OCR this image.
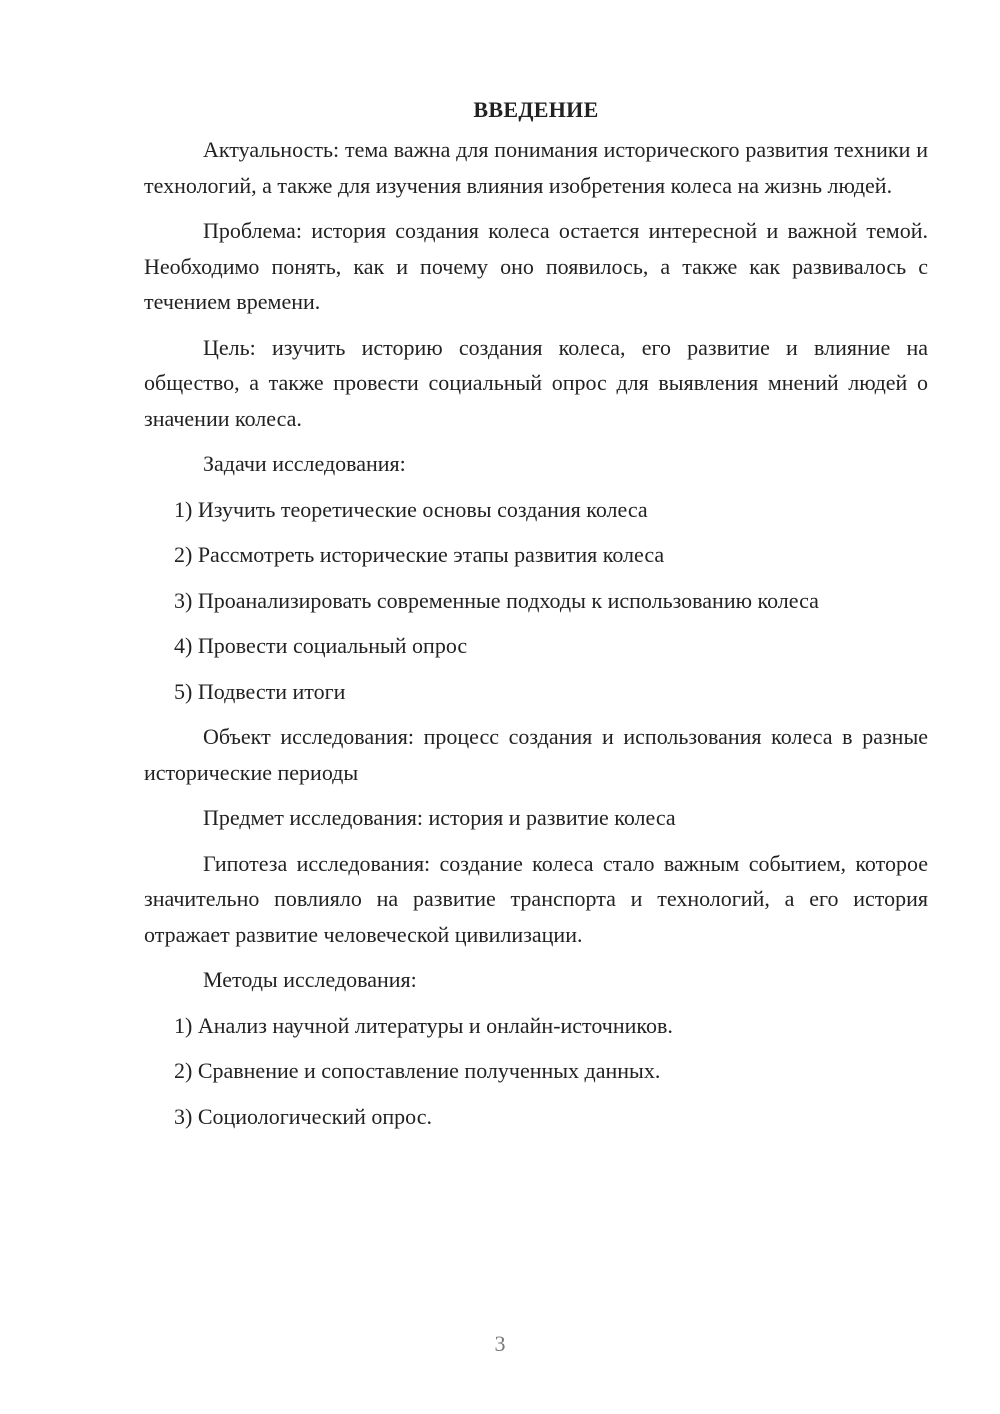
ВВЕДЕНИЕ

Актуальность: тема важна для понимания исторического развития техники и технологий, а также для изучения влияния изобретения колеса на жизнь людей.

Проблема: история создания колеса остается интересной и важной темой. Необходимо понять, как и почему оно появилось, а также как развивалось с течением времени.

Цель: изучить историю создания колеса, его развитие и влияние на общество, а также провести социальный опрос для выявления мнений людей о значении колеса.

Задачи исследования:

1) Изучить теоретические основы создания колеса
2) Рассмотреть исторические этапы развития колеса
3) Проанализировать современные подходы к использованию колеса
4) Провести социальный опрос
5) Подвести итоги

Объект исследования: процесс создания и использования колеса в разные исторические периоды

Предмет исследования: история и развитие колеса

Гипотеза исследования: создание колеса стало важным событием, которое значительно повлияло на развитие транспорта и технологий, а его история отражает развитие человеческой цивилизации.

Методы исследования:

1) Анализ научной литературы и онлайн-источников.
2) Сравнение и сопоставление полученных данных.
3) Социологический опрос.
3
